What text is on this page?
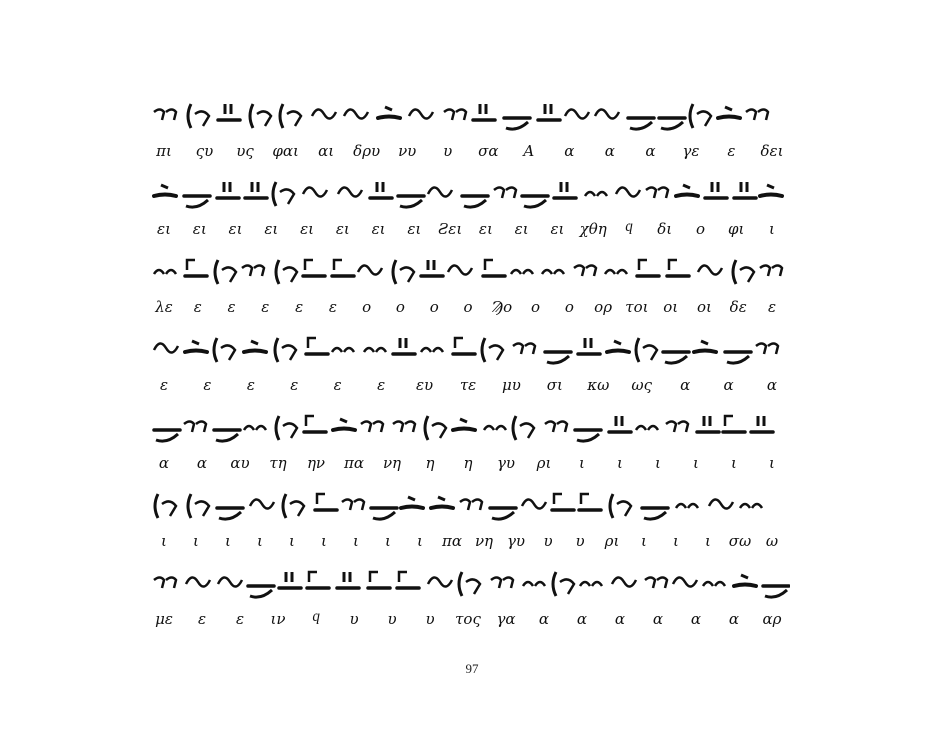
πι ςυ υς φαι αι δρυ νυ υ σα Α α α α γε ε δει
ει ει ει ει ει ει ει ει Ƨει ει ει ει χθη ϥ δι ο φι ι
λε ε ε ε ε ε ο ο ο ο Ϡο ο ο ορ τοι οι οι δε ε
ε ε ε ε ε ε ευ τε μυ σι κω ως α α α
α α αυ τη ην πα νη η η γυ ρι ι ι ι ι ι ι
ι ι ι ι ι ι ι ι ι πα νη γυ υ υ ρι ι ι ι σω ω
με ε ε ιν ϥ υ υ υ τος γα α α α α α α αρ
97
